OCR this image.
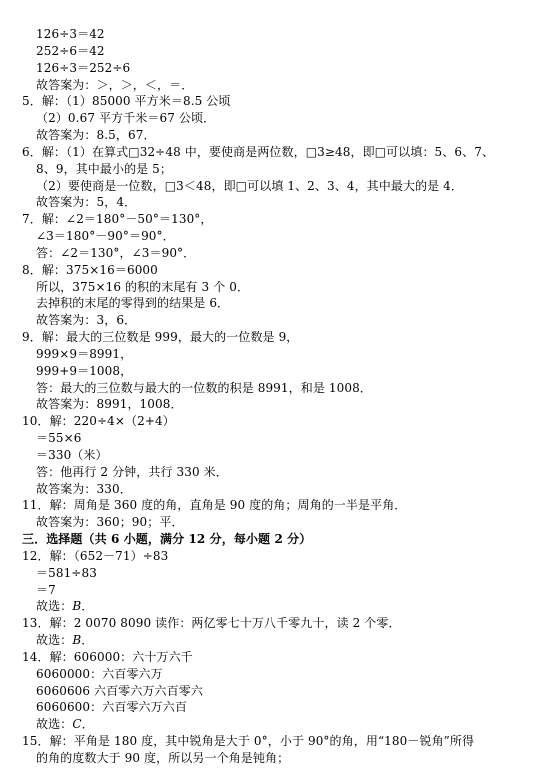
126÷3＝42
252÷6＝42
126÷3＝252÷6
故答案为：＞，＞，＜，＝．
5．解：（1）85000 平方米＝8.5 公顷
（2）0.67 平方千米＝67 公顷．
故答案为：8.5，67．
6．解：（1）在算式□32÷48 中，要使商是两位数，□3≥48，即□可以填：5、6、7、
8、9，其中最小的是 5；
（2）要使商是一位数，□3＜48，即□可以填 1、2、3、4，其中最大的是 4．
故答案为：5，4．
7．解：∠2＝180°－50°＝130°，
∠3＝180°－90°＝90°．
答：∠2＝130°，∠3＝90°．
8．解：375×16＝6000
所以，375×16 的积的末尾有 3 个 0．
去掉积的末尾的零得到的结果是 6．
故答案为：3，6．
9．解：最大的三位数是 999，最大的一位数是 9，
999×9＝8991，
999+9＝1008，
答：最大的三位数与最大的一位数的积是 8991，和是 1008．
故答案为：8991，1008．
10．解：220÷4×（2+4）
＝55×6
＝330（米）
答：他再行 2 分钟，共行 330 米．
故答案为：330．
11．解：周角是 360 度的角，直角是 90 度的角；周角的一半是平角．
故答案为：360；90；平．
三．选择题（共 6 小题，满分 12 分，每小题 2 分）
12．解：（652－71）÷83
＝581÷83
＝7
故选：B．
13．解：2 0070 8090 读作：两亿零七十万八千零九十，读 2 个零．
故选：B．
14．解：606000：六十万六千
6060000：六百零六万
6060606 六百零六万六百零六
6060600：六百零六万六百
故选：C．
15．解：平角是 180 度，其中锐角是大于 0°，小于 90°的角，用“180－锐角”所得
的角的度数大于 90 度，所以另一个角是钝角；
